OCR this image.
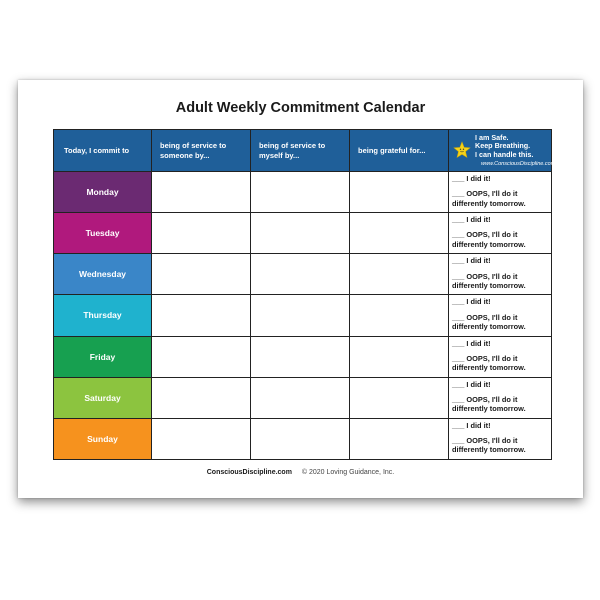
Adult Weekly Commitment Calendar
Today, I commit to	being of service to someone by...	being of service to myself by...	being grateful for...	I am Safe.
Keep Breathing.
I can handle this.
www.ConsciousDiscipline.com

Monday				___ I did it!
___ OOPS, I'll do it differently tomorrow.

Tuesday				___ I did it!
___ OOPS, I'll do it differently tomorrow.

Wednesday				___ I did it!
___ OOPS, I'll do it differently tomorrow.

Thursday				___ I did it!
___ OOPS, I'll do it differently tomorrow.

Friday				___ I did it!
___ OOPS, I'll do it differently tomorrow.

Saturday				___ I did it!
___ OOPS, I'll do it differently tomorrow.

Sunday				___ I did it!
___ OOPS, I'll do it differently tomorrow.
ConsciousDiscipline.com © 2020 Loving Guidance, Inc.
